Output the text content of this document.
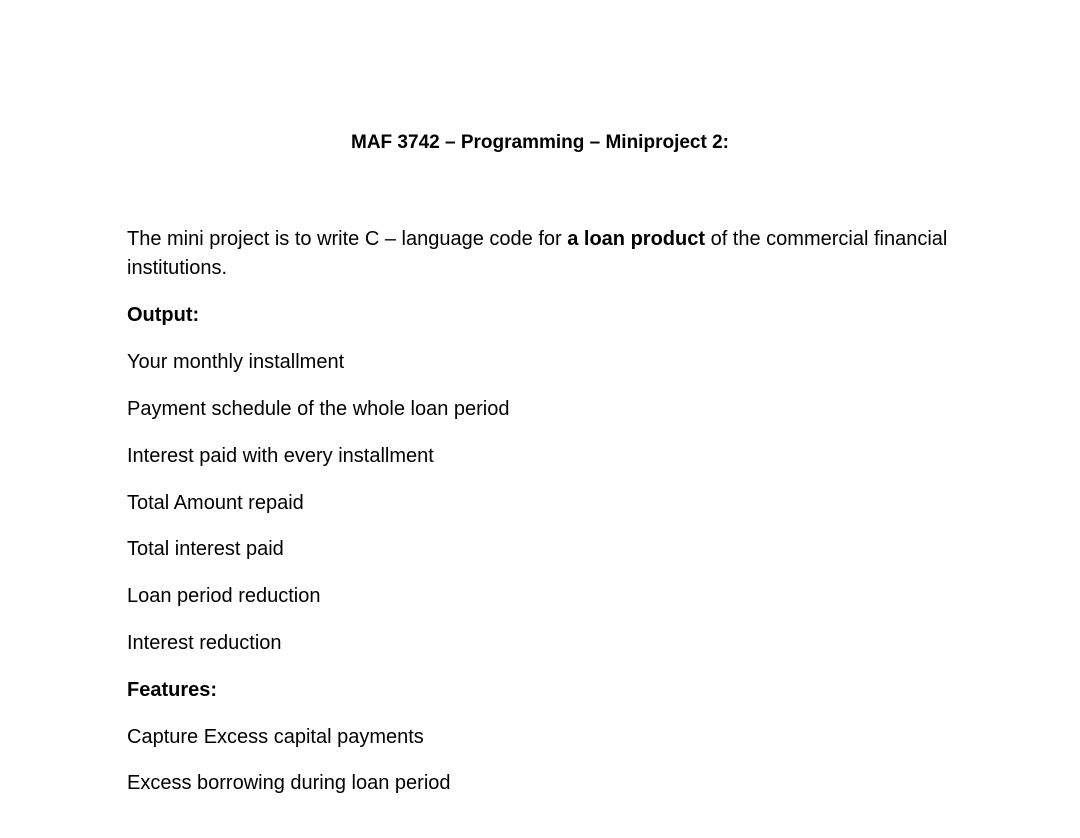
MAF 3742 – Programming – Miniproject 2:
The mini project is to write C – language code for a loan product of the commercial financial institutions.
Output:
Your monthly installment
Payment schedule of the whole loan period
Interest paid with every installment
Total Amount repaid
Total interest paid
Loan period reduction
Interest reduction
Features:
Capture Excess capital payments
Excess borrowing during loan period
